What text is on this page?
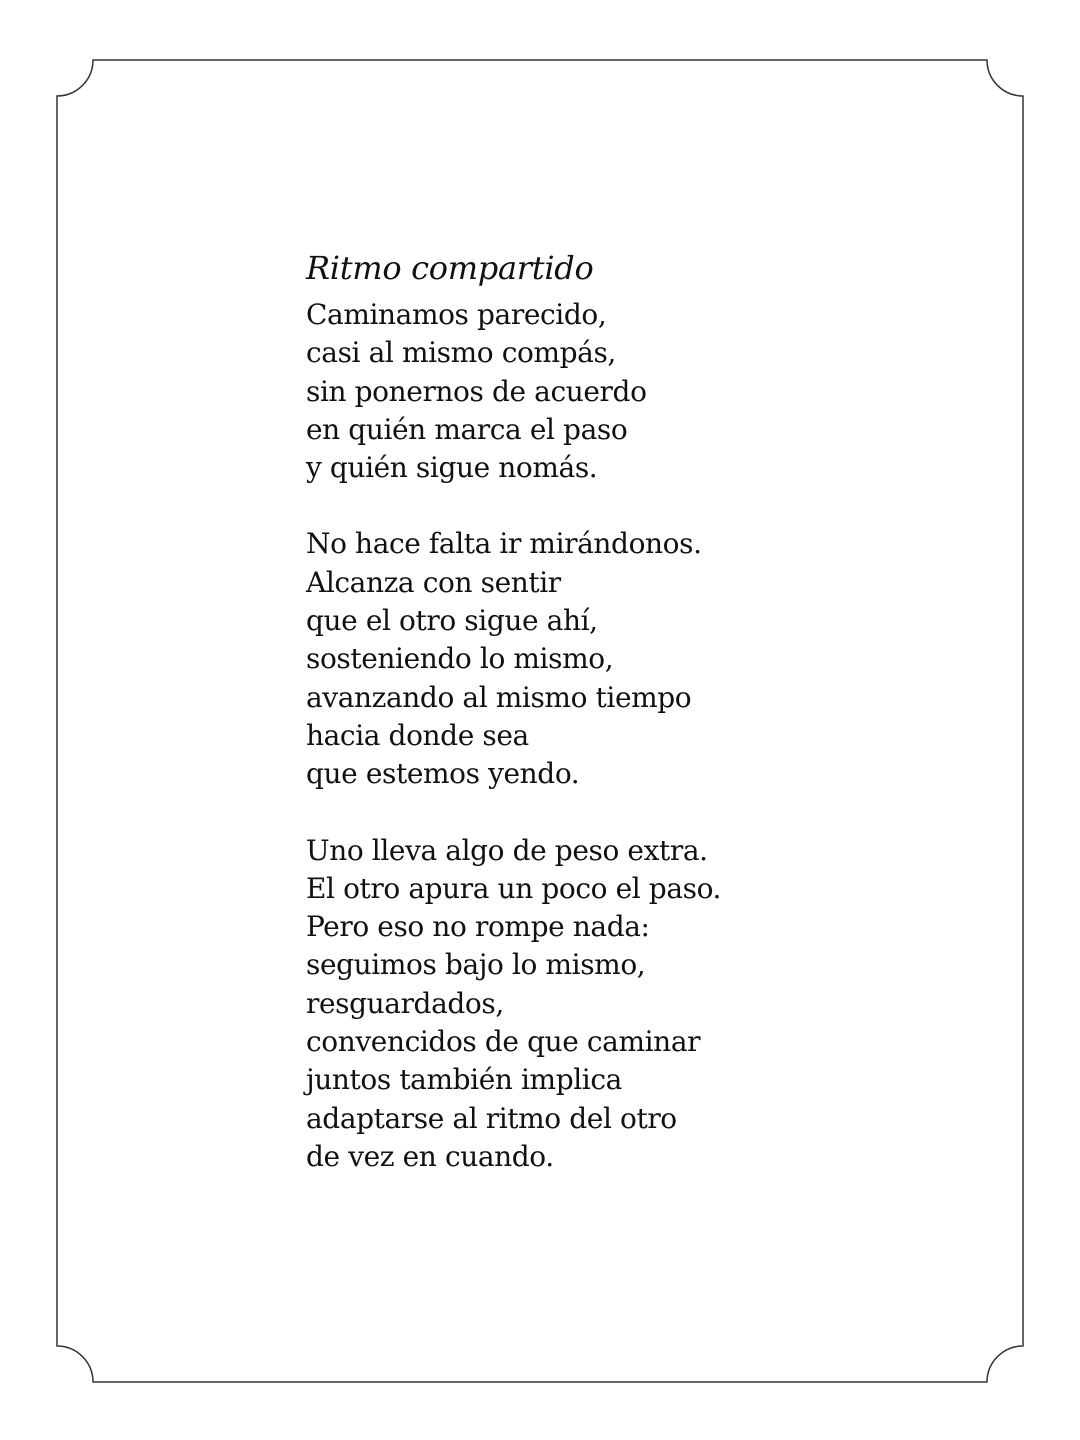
Ritmo compartido
Caminamos parecido,
casi al mismo compás,
sin ponernos de acuerdo
en quién marca el paso
y quién sigue nomás.
No hace falta ir mirándonos.
Alcanza con sentir
que el otro sigue ahí,
sosteniendo lo mismo,
avanzando al mismo tiempo
hacia donde sea
que estemos yendo.
Uno lleva algo de peso extra.
El otro apura un poco el paso.
Pero eso no rompe nada:
seguimos bajo lo mismo,
resguardados,
convencidos de que caminar
juntos también implica
adaptarse al ritmo del otro
de vez en cuando.
